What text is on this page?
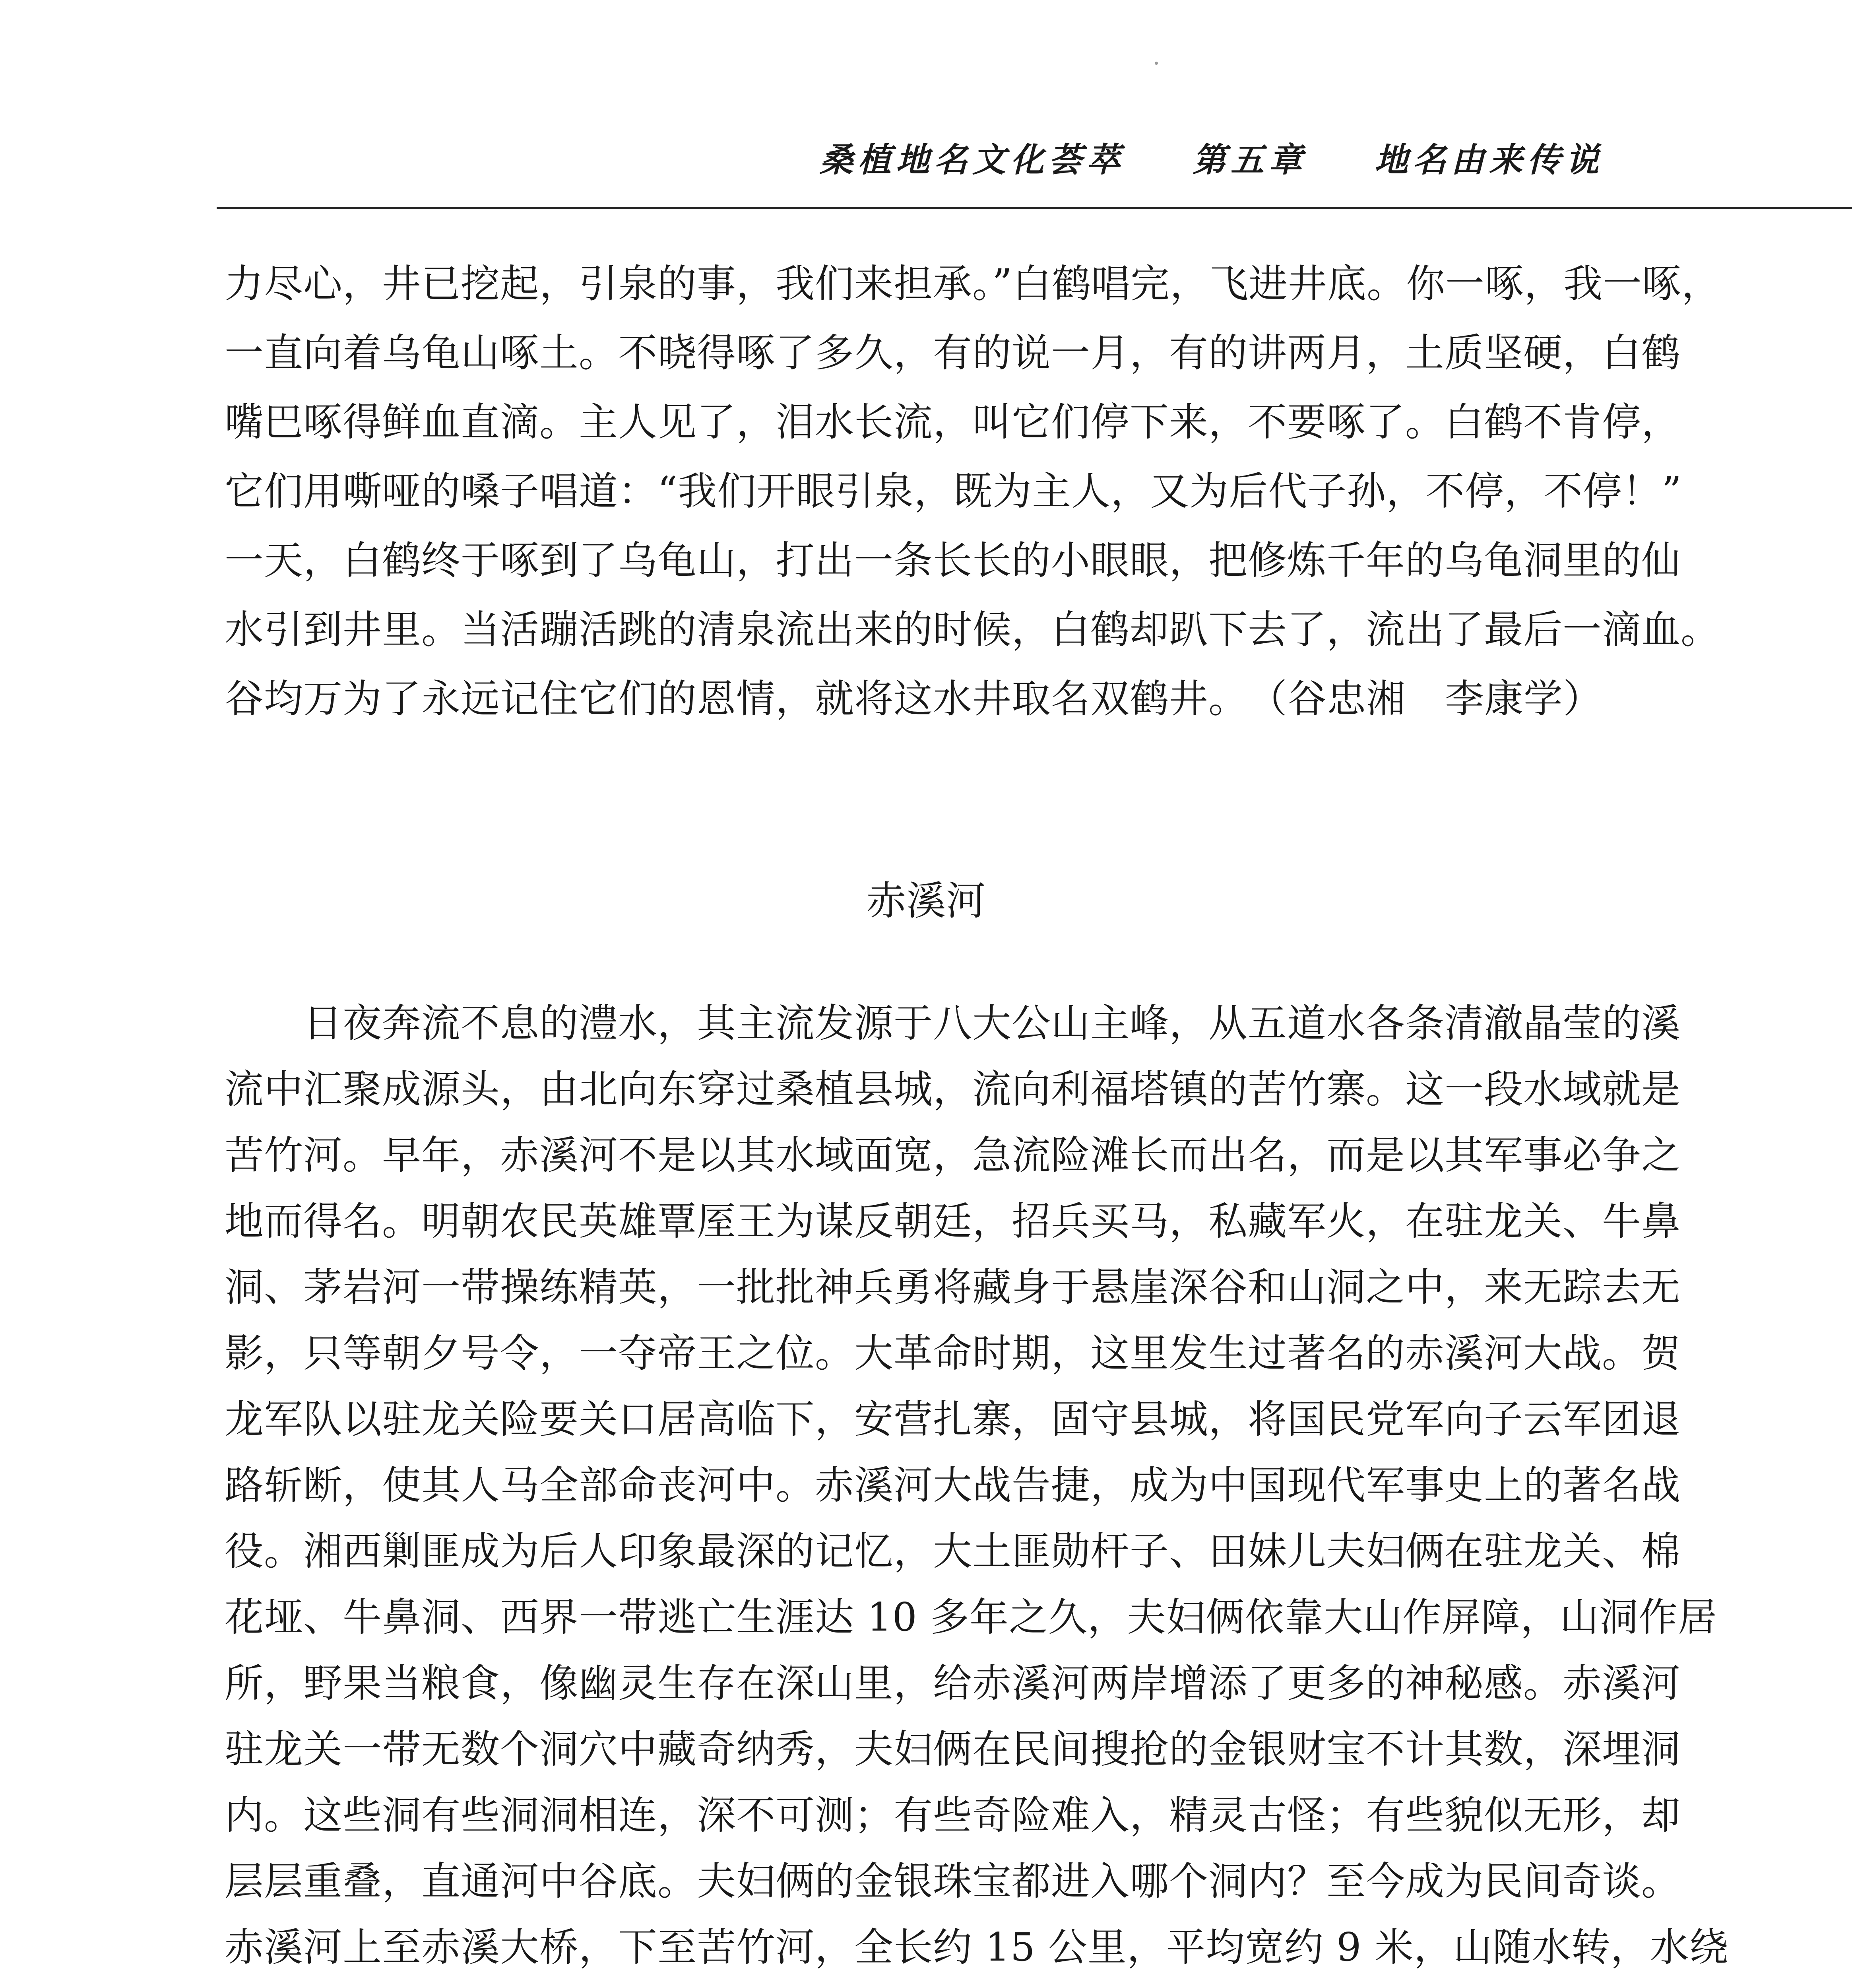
桑植地名文化荟萃 第五章 地名由来传说
力尽心，井已挖起，引泉的事，我们来担承。”白鹤唱完，飞进井底。你一啄，我一啄，
一直向着乌龟山啄土。不晓得啄了多久，有的说一月，有的讲两月，土质坚硬，白鹤
嘴巴啄得鲜血直滴。主人见了，泪水长流，叫它们停下来，不要啄了。白鹤不肯停，
它们用嘶哑的嗓子唱道：“我们开眼引泉，既为主人，又为后代子孙，不停，不停！”
一天，白鹤终于啄到了乌龟山，打出一条长长的小眼眼，把修炼千年的乌龟洞里的仙
水引到井里。当活蹦活跳的清泉流出来的时候，白鹤却趴下去了，流出了最后一滴血。
谷均万为了永远记住它们的恩情，就将这水井取名双鹤井。　（谷忠湘　李康学）
赤溪河
　　日夜奔流不息的澧水，其主流发源于八大公山主峰，从五道水各条清澈晶莹的溪
流中汇聚成源头，由北向东穿过桑植县城，流向利福塔镇的苦竹寨。这一段水域就是
苦竹河。早年，赤溪河不是以其水域面宽，急流险滩长而出名，而是以其军事必争之
地而得名。明朝农民英雄覃厔王为谋反朝廷，招兵买马，私藏军火，在驻龙关、牛鼻
洞、茅岩河一带操练精英，一批批神兵勇将藏身于悬崖深谷和山洞之中，来无踪去无
影，只等朝夕号令，一夺帝王之位。大革命时期，这里发生过著名的赤溪河大战。贺
龙军队以驻龙关险要关口居高临下，安营扎寨，固守县城，将国民党军向子云军团退
路斩断，使其人马全部命丧河中。赤溪河大战告捷，成为中国现代军事史上的著名战
役。湘西剿匪成为后人印象最深的记忆，大土匪勋杆子、田妹儿夫妇俩在驻龙关、棉
花垭、牛鼻洞、西界一带逃亡生涯达 10 多年之久，夫妇俩依靠大山作屏障，山洞作居
所，野果当粮食，像幽灵生存在深山里，给赤溪河两岸增添了更多的神秘感。赤溪河
驻龙关一带无数个洞穴中藏奇纳秀，夫妇俩在民间搜抢的金银财宝不计其数，深埋洞
内。这些洞有些洞洞相连，深不可测；有些奇险难入，精灵古怪；有些貌似无形，却
层层重叠，直通河中谷底。夫妇俩的金银珠宝都进入哪个洞内？至今成为民间奇谈。
赤溪河上至赤溪大桥，下至苦竹河，全长约 15 公里，平均宽约 9 米，山随水转，水绕
